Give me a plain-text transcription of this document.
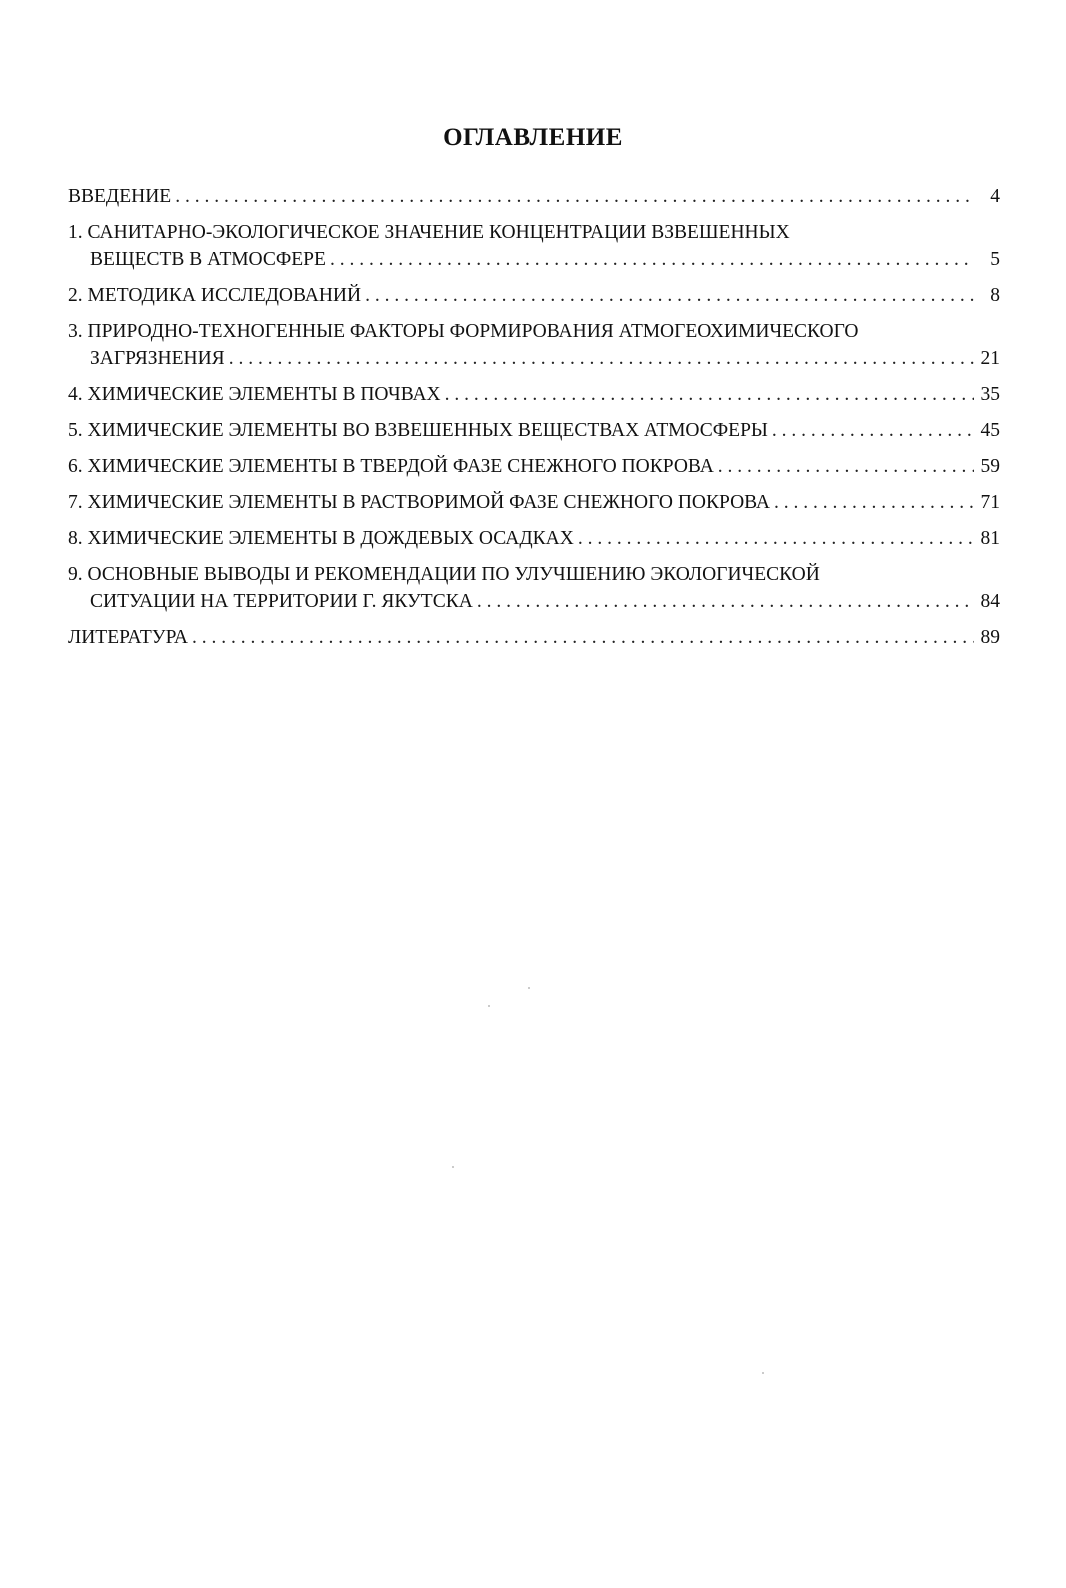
ОГЛАВЛЕНИЕ
ВВЕДЕНИЕ . . .	4
1. САНИТАРНО-ЭКОЛОГИЧЕСКОЕ ЗНАЧЕНИЕ КОНЦЕНТРАЦИИ ВЗВЕШЕННЫХ
ВЕЩЕСТВ В АТМОСФЕРЕ . . .	5
2. МЕТОДИКА ИССЛЕДОВАНИЙ . . .	8
3. ПРИРОДНО-ТЕХНОГЕННЫЕ ФАКТОРЫ ФОРМИРОВАНИЯ АТМОГЕОХИМИЧЕСКОГО
ЗАГРЯЗНЕНИЯ . . .	21
4. ХИМИЧЕСКИЕ ЭЛЕМЕНТЫ В ПОЧВАХ . . .	35
5. ХИМИЧЕСКИЕ ЭЛЕМЕНТЫ ВО ВЗВЕШЕННЫХ ВЕЩЕСТВАХ АТМОСФЕРЫ . . .	45
6. ХИМИЧЕСКИЕ ЭЛЕМЕНТЫ В ТВЕРДОЙ ФАЗЕ СНЕЖНОГО ПОКРОВА . . .	59
7. ХИМИЧЕСКИЕ ЭЛЕМЕНТЫ В РАСТВОРИМОЙ ФАЗЕ СНЕЖНОГО ПОКРОВА . . .	71
8. ХИМИЧЕСКИЕ ЭЛЕМЕНТЫ В ДОЖДЕВЫХ ОСАДКАХ . . .	81
9. ОСНОВНЫЕ ВЫВОДЫ И РЕКОМЕНДАЦИИ ПО УЛУЧШЕНИЮ ЭКОЛОГИЧЕСКОЙ
СИТУАЦИИ НА ТЕРРИТОРИИ Г. ЯКУТСКА . . .	84
ЛИТЕРАТУРА . . .	89
